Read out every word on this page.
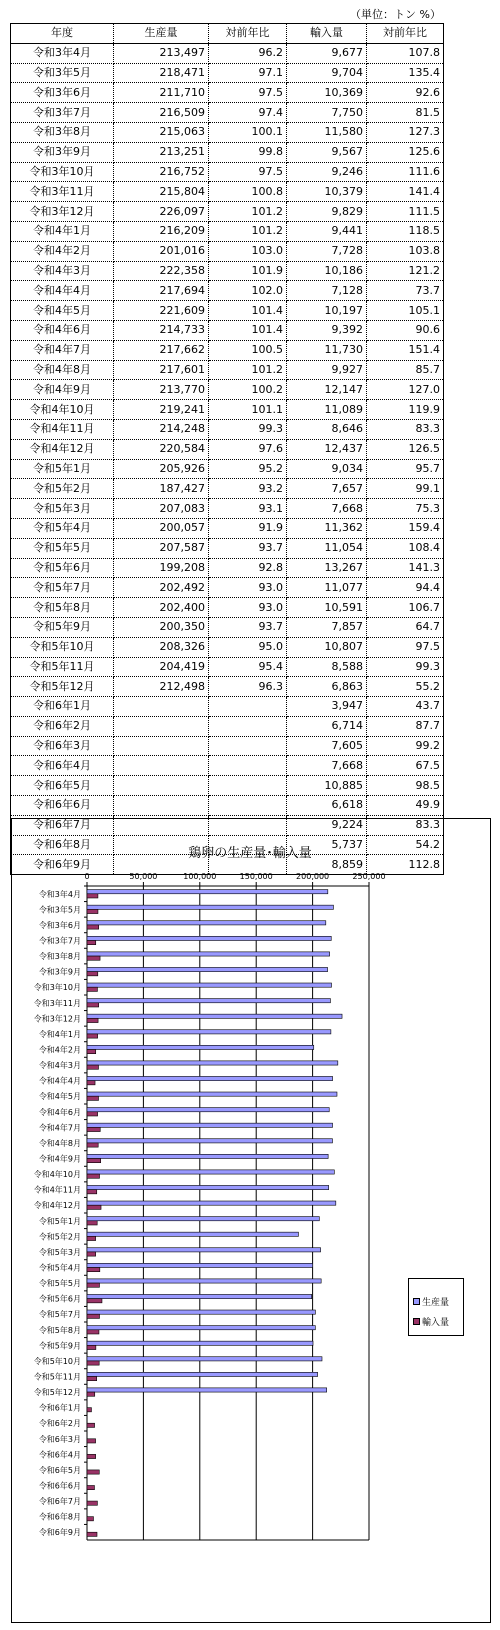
（単位：トン %）
年度	生産量	対前年比	輸入量	対前年比
令和3年4月	213,497	96.2	9,677	107.8
令和3年5月	218,471	97.1	9,704	135.4
令和3年6月	211,710	97.5	10,369	92.6
令和3年7月	216,509	97.4	7,750	81.5
令和3年8月	215,063	100.1	11,580	127.3
令和3年9月	213,251	99.8	9,567	125.6
令和3年10月	216,752	97.5	9,246	111.6
令和3年11月	215,804	100.8	10,379	141.4
令和3年12月	226,097	101.2	9,829	111.5
令和4年1月	216,209	101.2	9,441	118.5
令和4年2月	201,016	103.0	7,728	103.8
令和4年3月	222,358	101.9	10,186	121.2
令和4年4月	217,694	102.0	7,128	73.7
令和4年5月	221,609	101.4	10,197	105.1
令和4年6月	214,733	101.4	9,392	90.6
令和4年7月	217,662	100.5	11,730	151.4
令和4年8月	217,601	101.2	9,927	85.7
令和4年9月	213,770	100.2	12,147	127.0
令和4年10月	219,241	101.1	11,089	119.9
令和4年11月	214,248	99.3	8,646	83.3
令和4年12月	220,584	97.6	12,437	126.5
令和5年1月	205,926	95.2	9,034	95.7
令和5年2月	187,427	93.2	7,657	99.1
令和5年3月	207,083	93.1	7,668	75.3
令和5年4月	200,057	91.9	11,362	159.4
令和5年5月	207,587	93.7	11,054	108.4
令和5年6月	199,208	92.8	13,267	141.3
令和5年7月	202,492	93.0	11,077	94.4
令和5年8月	202,400	93.0	10,591	106.7
令和5年9月	200,350	93.7	7,857	64.7
令和5年10月	208,326	95.0	10,807	97.5
令和5年11月	204,419	95.4	8,588	99.3
令和5年12月	212,498	96.3	6,863	55.2
令和6年1月			3,947	43.7
令和6年2月			6,714	87.7
令和6年3月			7,605	99.2
令和6年4月			7,668	67.5
令和6年5月			10,885	98.5
令和6年6月			6,618	49.9
令和6年7月			9,224	83.3
令和6年8月			5,737	54.2
令和6年9月			8,859	112.8
鶏卵の生産量･輸入量
0	50,000	100,000	150,000	200,000	250,000
令和3年4月
令和3年5月
令和3年6月
令和3年7月
令和3年8月
令和3年9月
令和3年10月
令和3年11月
令和3年12月
令和4年1月
令和4年2月
令和4年3月
令和4年4月
令和4年5月
令和4年6月
令和4年7月
令和4年8月
令和4年9月
令和4年10月
令和4年11月
令和4年12月
令和5年1月
令和5年2月
令和5年3月
令和5年4月
令和5年5月
令和5年6月
令和5年7月
令和5年8月
令和5年9月
令和5年10月
令和5年11月
令和5年12月
令和6年1月
令和6年2月
令和6年3月
令和6年4月
令和6年5月
令和6年6月
令和6年7月
令和6年8月
令和6年9月
生産量
輸入量
